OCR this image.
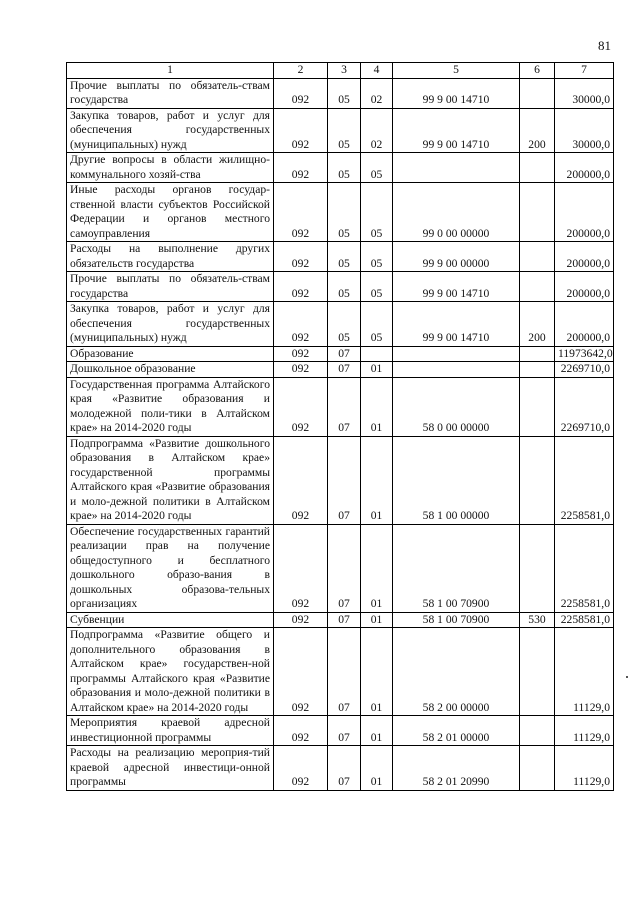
81
1	2	3	4	5	6	7
Прочие выплаты по обязатель-ствам государства	092	05	02	99 9 00 14710		30000,0
Закупка товаров, работ и услуг для обеспечения государственных (муниципальных) нужд	092	05	02	99 9 00 14710	200	30000,0
Другие вопросы в области жилищно-коммунального хозяй-ства	092	05	05			200000,0
Иные расходы органов государ-ственной власти субъектов Российской Федерации и органов местного самоуправления	092	05	05	99 0 00 00000		200000,0
Расходы на выполнение других обязательств государства	092	05	05	99 9 00 00000		200000,0
Прочие выплаты по обязатель-ствам государства	092	05	05	99 9 00 14710		200000,0
Закупка товаров, работ и услуг для обеспечения государственных (муниципальных) нужд	092	05	05	99 9 00 14710	200	200000,0
Образование	092	07				11973642,0
Дошкольное образование	092	07	01			2269710,0
Государственная программа Алтайского края «Развитие образования и молодежной поли-тики в Алтайском крае» на 2014-2020 годы	092	07	01	58 0 00 00000		2269710,0
Подпрограмма «Развитие дошкольного образования в Алтайском крае» государственной программы Алтайского края «Развитие образования и моло-дежной политики в Алтайском крае» на 2014-2020 годы	092	07	01	58 1 00 00000		2258581,0
Обеспечение государственных гарантий реализации прав на получение общедоступного и бесплатного дошкольного образо-вания в дошкольных образова-тельных организациях	092	07	01	58 1 00 70900		2258581,0
Субвенции	092	07	01	58 1 00 70900	530	2258581,0
Подпрограмма «Развитие общего и дополнительного образования в Алтайском крае» государствен-ной программы Алтайского края «Развитие образования и моло-дежной политики в Алтайском крае» на 2014-2020 годы	092	07	01	58 2 00 00000		11129,0
Мероприятия краевой адресной инвестиционной программы	092	07	01	58 2 01 00000		11129,0
Расходы на реализацию мероприя-тий краевой адресной инвестици-онной программы	092	07	01	58 2 01 20990		11129,0
